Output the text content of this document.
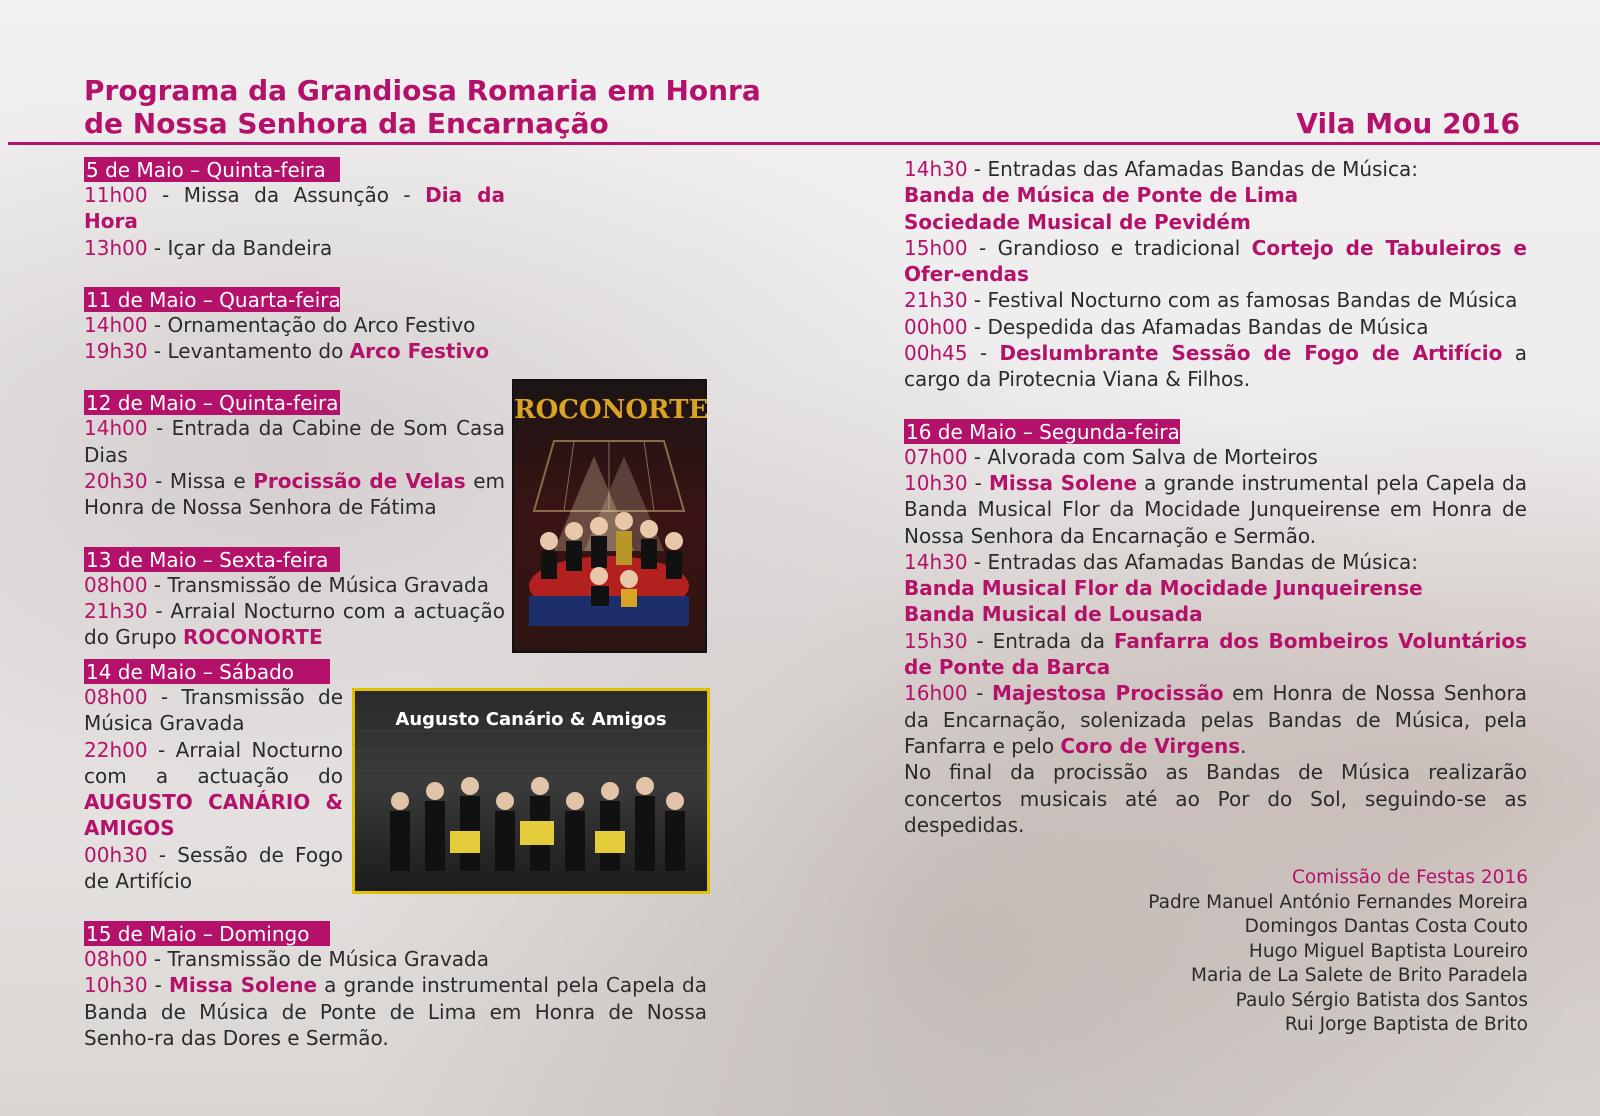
Programa da Grandiosa Romaria em Honra
de Nossa Senhora da Encarnação	Vila Mou 2016
5 de Maio – Quinta-feira

11h00 - Missa da Assunção - Dia da Hora

13h00 - Içar da Bandeira

11 de Maio – Quarta-feira

14h00 - Ornamentação do Arco Festivo

19h30 - Levantamento do Arco Festivo

12 de Maio – Quinta-feira

14h00 - Entrada da Cabine de Som Casa Dias

20h30 - Missa e Procissão de Velas em Honra de Nossa Senhora de Fátima

13 de Maio – Sexta-feira

08h00 - Transmissão de Música Gravada

21h30 - Arraial Nocturno com a actuação do Grupo ROCONORTE

14 de Maio – Sábado

08h00 - Transmissão de Música Gravada

22h00 - Arraial Nocturno com a actuação do AUGUSTO CANÁRIO & AMIGOS

00h30 - Sessão de Fogo de Artifício

15 de Maio – Domingo

08h00 - Transmissão de Música Gravada

10h30 - Missa Solene a grande instrumental pela Capela da Banda de Música de Ponte de Lima em Honra de Nossa Senho-ra das Dores e Sermão.

14h30 - Entradas das Afamadas Bandas de Música:

Banda de Música de Ponte de Lima

Sociedade Musical de Pevidém

15h00 - Grandioso e tradicional Cortejo de Tabuleiros e Ofer-endas

21h30 - Festival Nocturno com as famosas Bandas de Música

00h00 - Despedida das Afamadas Bandas de Música

00h45 - Deslumbrante Sessão de Fogo de Artifício a cargo da Pirotecnia Viana & Filhos.

16 de Maio – Segunda-feira

07h00 - Alvorada com Salva de Morteiros

10h30 - Missa Solene a grande instrumental pela Capela da Banda Musical Flor da Mocidade Junqueirense em Honra de Nossa Senhora da Encarnação e Sermão.

14h30 - Entradas das Afamadas Bandas de Música:

Banda Musical Flor da Mocidade Junqueirense

Banda Musical de Lousada

15h30 - Entrada da Fanfarra dos Bombeiros Voluntários de Ponte da Barca

16h00 - Majestosa Procissão em Honra de Nossa Senhora da Encarnação, solenizada pelas Bandas de Música, pela Fanfarra e pelo Coro de Virgens.

No final da procissão as Bandas de Música realizarão concertos musicais até ao Por do Sol, seguindo-se as despedidas.

ROCONORTE
Augusto Canário & Amigos
Comissão de Festas 2016
Padre Manuel António Fernandes Moreira
Domingos Dantas Costa Couto
Hugo Miguel Baptista Loureiro
Maria de La Salete de Brito Paradela
Paulo Sérgio Batista dos Santos
Rui Jorge Baptista de Brito
